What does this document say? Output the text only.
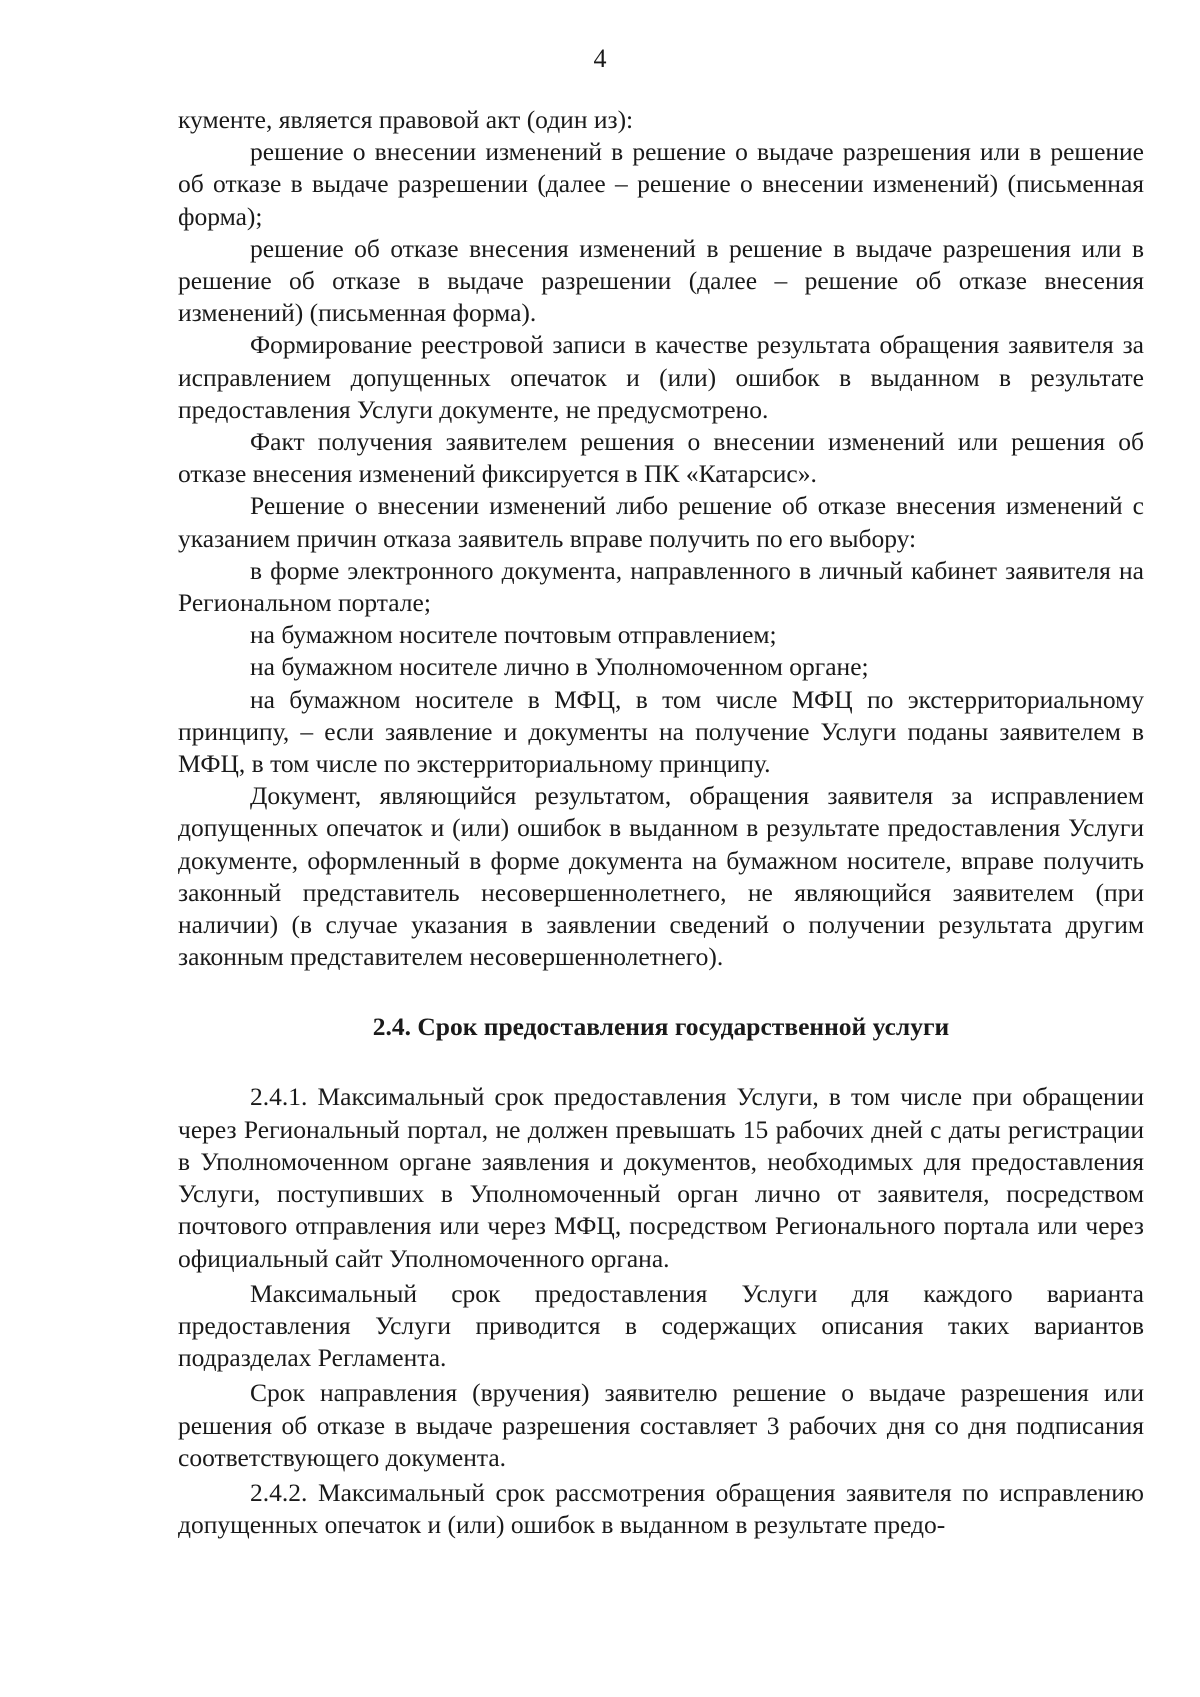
4

кументе, является правовой акт (один из):

решение о внесении изменений в решение о выдаче разрешения или в решение об отказе в выдаче разрешении (далее – решение о внесении изменений) (письменная форма);

решение об отказе внесения изменений в решение в выдаче разрешения или в решение об отказе в выдаче разрешении (далее – решение об отказе внесения изменений) (письменная форма).

Формирование реестровой записи в качестве результата обращения заявителя за исправлением допущенных опечаток и (или) ошибок в выданном в результате предоставления Услуги документе, не предусмотрено.

Факт получения заявителем решения о внесении изменений или решения об отказе внесения изменений фиксируется в ПК «Катарсис».

Решение о внесении изменений либо решение об отказе внесения изменений с указанием причин отказа заявитель вправе получить по его выбору:

в форме электронного документа, направленного в личный кабинет заявителя на Региональном портале;

на бумажном носителе почтовым отправлением;

на бумажном носителе лично в Уполномоченном органе;

на бумажном носителе в МФЦ, в том числе МФЦ по экстерриториальному принципу, – если заявление и документы на получение Услуги поданы заявителем в МФЦ, в том числе по экстерриториальному принципу.

Документ, являющийся результатом, обращения заявителя за исправлением допущенных опечаток и (или) ошибок в выданном в результате предоставления Услуги документе, оформленный в форме документа на бумажном носителе, вправе получить законный представитель несовершеннолетнего, не являющийся заявителем (при наличии) (в случае указания в заявлении сведений о получении результата другим законным представителем несовершеннолетнего).

2.4. Срок предоставления государственной услуги

2.4.1. Максимальный срок предоставления Услуги, в том числе при обращении через Региональный портал, не должен превышать 15 рабочих дней с даты регистрации в Уполномоченном органе заявления и документов, необходимых для предоставления Услуги, поступивших в Уполномоченный орган лично от заявителя, посредством почтового отправления или через МФЦ, посредством Регионального портала или через официальный сайт Уполномоченного органа.

Максимальный срок предоставления Услуги для каждого варианта предоставления Услуги приводится в содержащих описания таких вариантов подразделах Регламента.

Срок направления (вручения) заявителю решение о выдаче разрешения или решения об отказе в выдаче разрешения составляет 3 рабочих дня со дня подписания соответствующего документа.

2.4.2. Максимальный срок рассмотрения обращения заявителя по исправлению допущенных опечаток и (или) ошибок в выданном в результате предо-
